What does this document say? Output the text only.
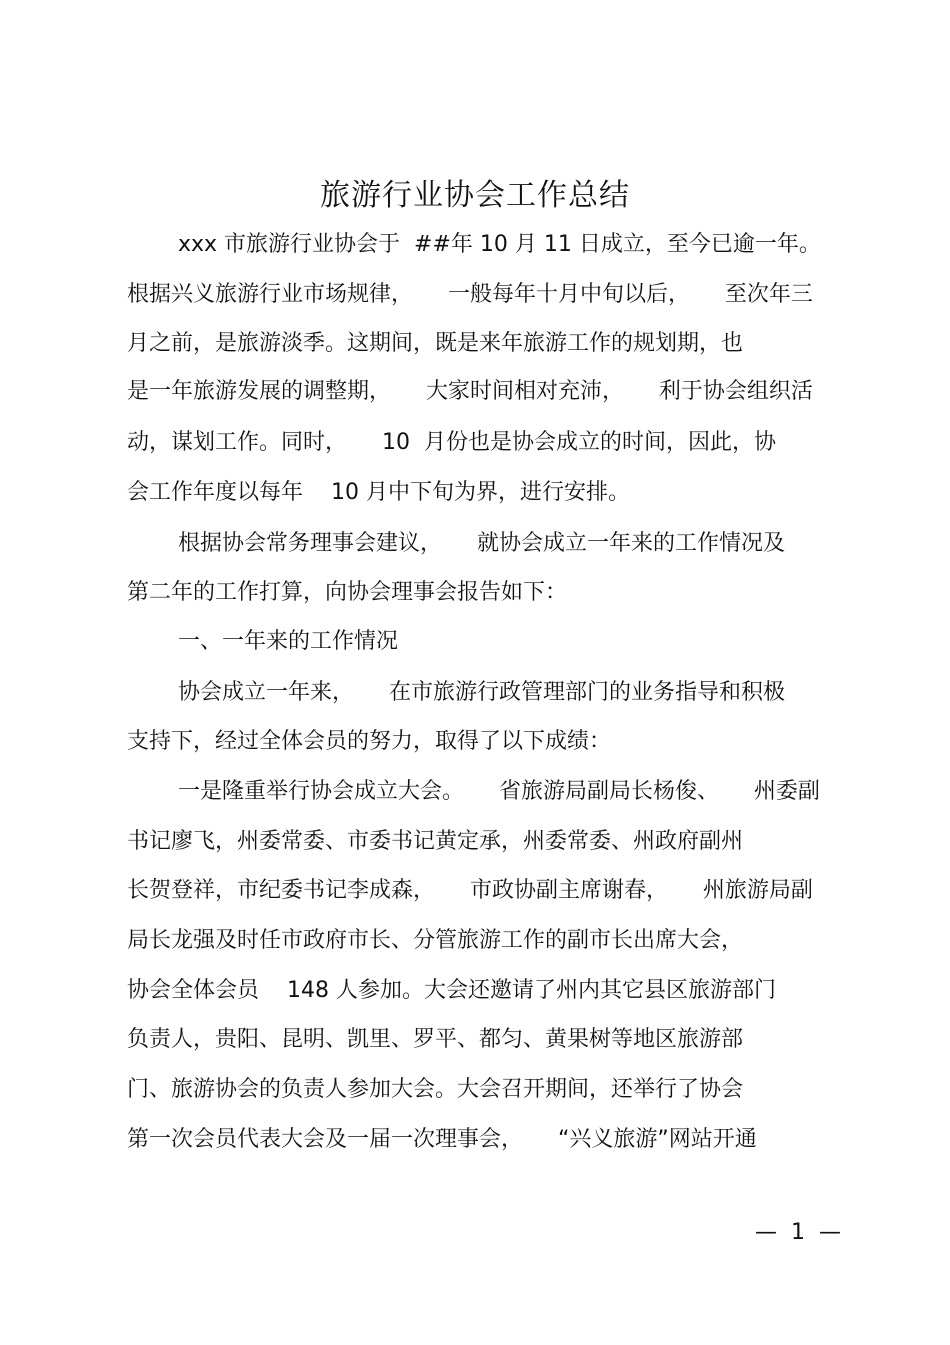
旅游行业协会工作总结
xxx 市旅游行业协会于  ##年 10 月 11 日成立，至今已逾一年。
根据兴义旅游行业市场规律，     一般每年十月中旬以后，     至次年三
月之前，是旅游淡季。这期间，既是来年旅游工作的规划期，也
是一年旅游发展的调整期，     大家时间相对充沛，     利于协会组织活
动，谋划工作。同时，     10  月份也是协会成立的时间，因此，协
会工作年度以每年    10 月中下旬为界，进行安排。
根据协会常务理事会建议，     就协会成立一年来的工作情况及
第二年的工作打算，向协会理事会报告如下：
一、一年来的工作情况
协会成立一年来，     在市旅游行政管理部门的业务指导和积极
支持下，经过全体会员的努力，取得了以下成绩：
一是隆重举行协会成立大会。     省旅游局副局长杨俊、     州委副
书记廖飞，州委常委、市委书记黄定承，州委常委、州政府副州
长贺登祥，市纪委书记李成森，     市政协副主席谢春，     州旅游局副
局长龙强及时任市政府市长、分管旅游工作的副市长出席大会，
协会全体会员    148 人参加。大会还邀请了州内其它县区旅游部门
负责人，贵阳、昆明、凯里、罗平、都匀、黄果树等地区旅游部
门、旅游协会的负责人参加大会。大会召开期间，还举行了协会
第一次会员代表大会及一届一次理事会，     “兴义旅游”网站开通
—  1  —
